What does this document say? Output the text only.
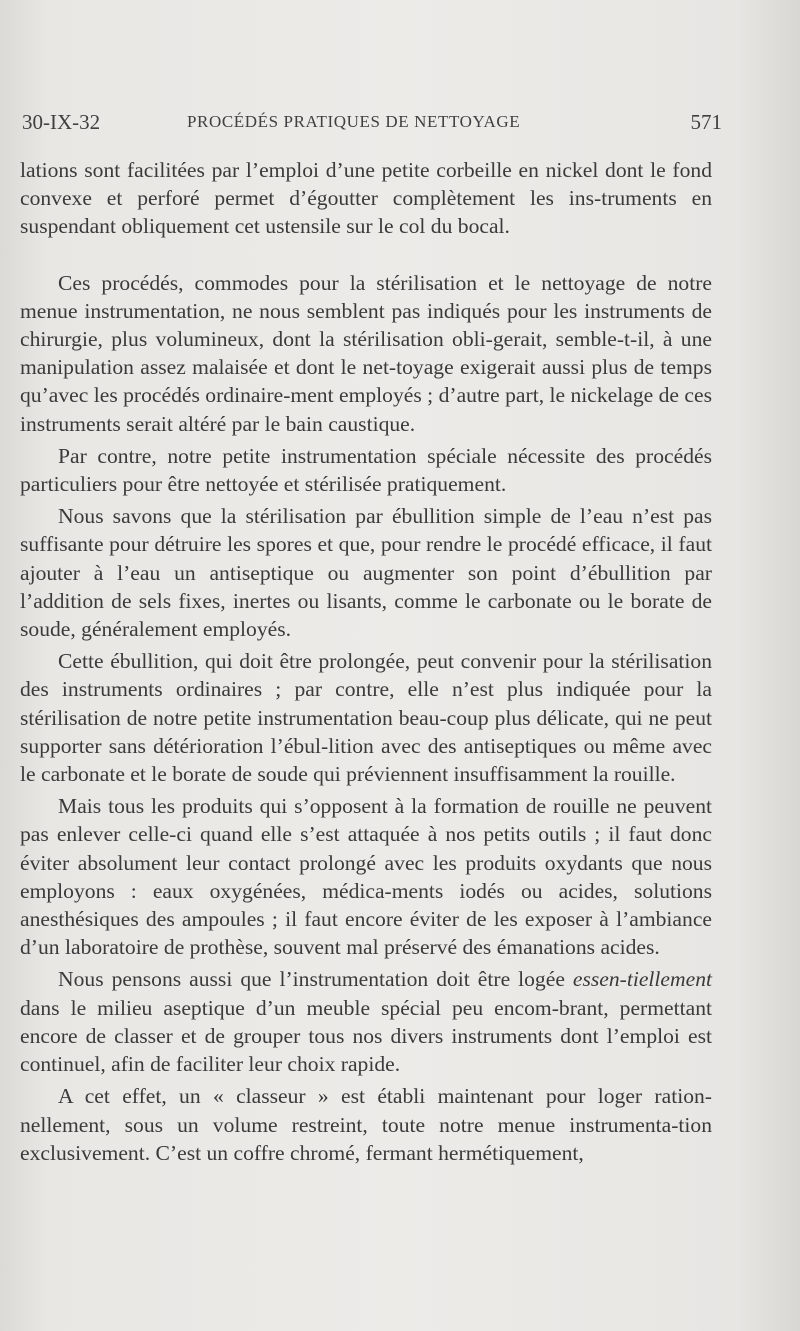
30-IX-32	PROCÉDÉS PRATIQUES DE NETTOYAGE	571

lations sont facilitées par l’emploi d’une petite corbeille en nickel dont le fond convexe et perforé permet d’égoutter complètement les ins-truments en suspendant obliquement cet ustensile sur le col du bocal.

Ces procédés, commodes pour la stérilisation et le nettoyage de notre menue instrumentation, ne nous semblent pas indiqués pour les instruments de chirurgie, plus volumineux, dont la stérilisation obli-gerait, semble-t-il, à une manipulation assez malaisée et dont le net-toyage exigerait aussi plus de temps qu’avec les procédés ordinaire-ment employés ; d’autre part, le nickelage de ces instruments serait altéré par le bain caustique.

Par contre, notre petite instrumentation spéciale nécessite des procédés particuliers pour être nettoyée et stérilisée pratiquement.

Nous savons que la stérilisation par ébullition simple de l’eau n’est pas suffisante pour détruire les spores et que, pour rendre le procédé efficace, il faut ajouter à l’eau un antiseptique ou augmenter son point d’ébullition par l’addition de sels fixes, inertes ou lisants, comme le carbonate ou le borate de soude, généralement employés.

Cette ébullition, qui doit être prolongée, peut convenir pour la stérilisation des instruments ordinaires ; par contre, elle n’est plus indiquée pour la stérilisation de notre petite instrumentation beau-coup plus délicate, qui ne peut supporter sans détérioration l’ébul-lition avec des antiseptiques ou même avec le carbonate et le borate de soude qui préviennent insuffisamment la rouille.

Mais tous les produits qui s’opposent à la formation de rouille ne peuvent pas enlever celle-ci quand elle s’est attaquée à nos petits outils ; il faut donc éviter absolument leur contact prolongé avec les produits oxydants que nous employons : eaux oxygénées, médica-ments iodés ou acides, solutions anesthésiques des ampoules ; il faut encore éviter de les exposer à l’ambiance d’un laboratoire de prothèse, souvent mal préservé des émanations acides.

Nous pensons aussi que l’instrumentation doit être logée essen-tiellement dans le milieu aseptique d’un meuble spécial peu encom-brant, permettant encore de classer et de grouper tous nos divers instruments dont l’emploi est continuel, afin de faciliter leur choix rapide.

A cet effet, un « classeur » est établi maintenant pour loger ration-nellement, sous un volume restreint, toute notre menue instrumenta-tion exclusivement. C’est un coffre chromé, fermant hermétiquement,
